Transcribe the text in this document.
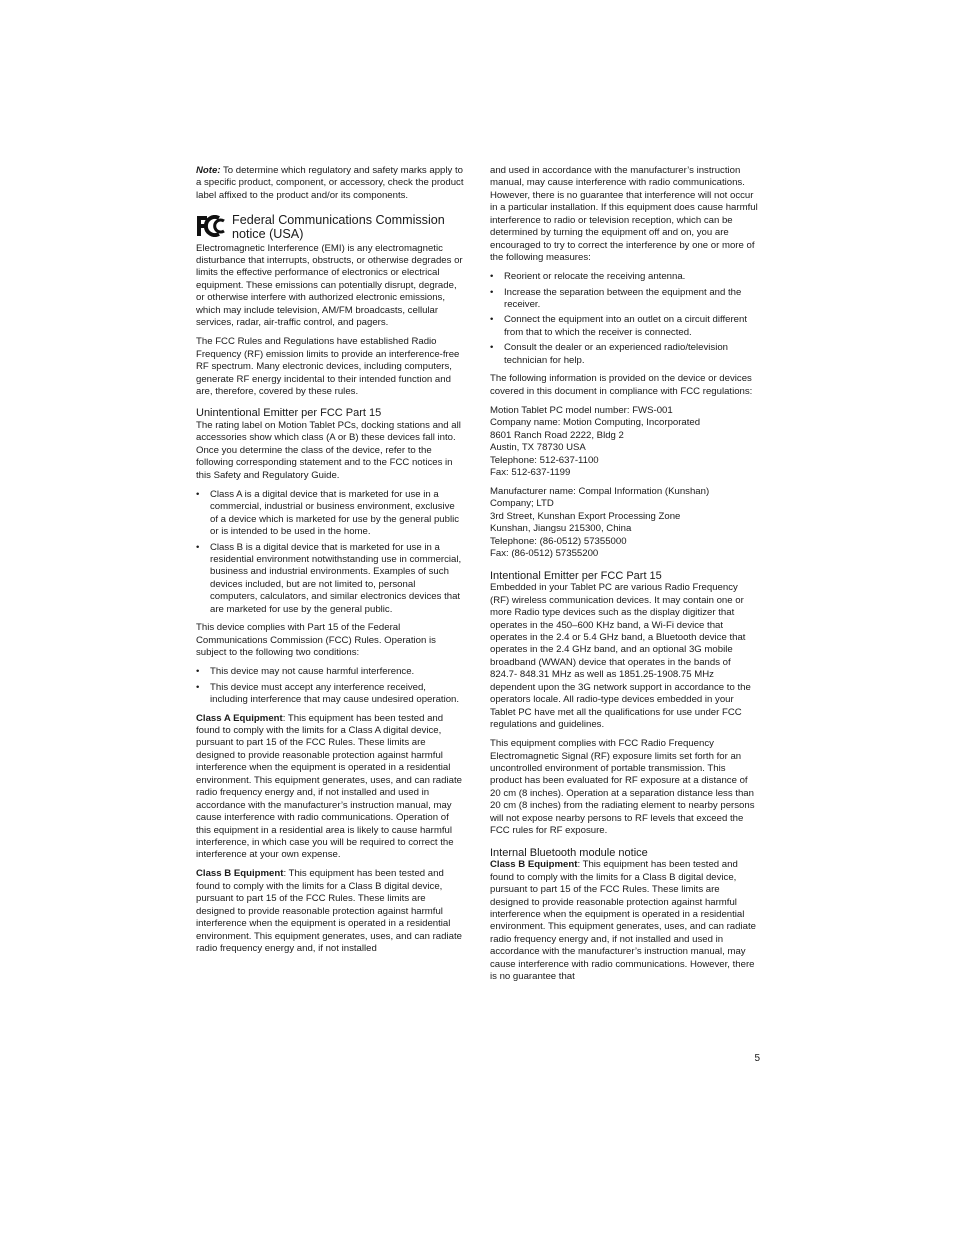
Note: To determine which regulatory and safety marks apply to a specific product, component, or accessory, check the product label affixed to the product and/or its components.

Federal Communications Commission notice (USA)

Electromagnetic Interference (EMI) is any electromagnetic disturbance that interrupts, obstructs, or otherwise degrades or limits the effective performance of electronics or electrical equipment. These emissions can potentially disrupt, degrade, or otherwise interfere with authorized electronic emissions, which may include television, AM/FM broadcasts, cellular services, radar, air-traffic control, and pagers.

The FCC Rules and Regulations have established Radio Frequency (RF) emission limits to provide an interference-free RF spectrum. Many electronic devices, including computers, generate RF energy incidental to their intended function and are, therefore, covered by these rules.

Unintentional Emitter per FCC Part 15

The rating label on Motion Tablet PCs, docking stations and all accessories show which class (A or B) these devices fall into. Once you determine the class of the device, refer to the following corresponding statement and to the FCC notices in this Safety and Regulatory Guide.

• Class A is a digital device that is marketed for use in a commercial, industrial or business environment, exclusive of a device which is marketed for use by the general public or is intended to be used in the home.
• Class B is a digital device that is marketed for use in a residential environment notwithstanding use in commercial, business and industrial environments. Examples of such devices included, but are not limited to, personal computers, calculators, and similar electronics devices that are marketed for use by the general public.

This device complies with Part 15 of the Federal Communications Commission (FCC) Rules. Operation is subject to the following two conditions:

• This device may not cause harmful interference.
• This device must accept any interference received, including interference that may cause undesired operation.

Class A Equipment: This equipment has been tested and found to comply with the limits for a Class A digital device, pursuant to part 15 of the FCC Rules. These limits are designed to provide reasonable protection against harmful interference when the equipment is operated in a residential environment. This equipment generates, uses, and can radiate radio frequency energy and, if not installed and used in accordance with the manufacturer’s instruction manual, may cause interference with radio communications. Operation of this equipment in a residential area is likely to cause harmful interference, in which case you will be required to correct the interference at your own expense.

Class B Equipment: This equipment has been tested and found to comply with the limits for a Class B digital device, pursuant to part 15 of the FCC Rules. These limits are designed to provide reasonable protection against harmful interference when the equipment is operated in a residential environment. This equipment generates, uses, and can radiate radio frequency energy and, if not installed

and used in accordance with the manufacturer’s instruction manual, may cause interference with radio communications. However, there is no guarantee that interference will not occur in a particular installation. If this equipment does cause harmful interference to radio or television reception, which can be determined by turning the equipment off and on, you are encouraged to try to correct the interference by one or more of the following measures:

• Reorient or relocate the receiving antenna.
• Increase the separation between the equipment and the receiver.
• Connect the equipment into an outlet on a circuit different from that to which the receiver is connected.
• Consult the dealer or an experienced radio/television technician for help.

The following information is provided on the device or devices covered in this document in compliance with FCC regulations:

Motion Tablet PC model number: FWS-001
Company name: Motion Computing, Incorporated
8601 Ranch Road 2222, Bldg 2
Austin, TX 78730 USA
Telephone: 512-637-1100
Fax: 512-637-1199
Manufacturer name: Compal Information (Kunshan)
Company; LTD
3rd Street, Kunshan Export Processing Zone
Kunshan, Jiangsu 215300, China
Telephone: (86-0512) 57355000
Fax: (86-0512) 57355200
Intentional Emitter per FCC Part 15

Embedded in your Tablet PC are various Radio Frequency (RF) wireless communication devices. It may contain one or more Radio type devices such as the display digitizer that operates in the 450–600 KHz band, a Wi-Fi device that operates in the 2.4 or 5.4 GHz band, a Bluetooth device that operates in the 2.4 GHz band, and an optional 3G mobile broadband (WWAN) device that operates in the bands of 824.7- 848.31 MHz as well as 1851.25-1908.75 MHz dependent upon the 3G network support in accordance to the operators locale. All radio-type devices embedded in your Tablet PC have met all the qualifications for use under FCC regulations and guidelines.

This equipment complies with FCC Radio Frequency Electromagnetic Signal (RF) exposure limits set forth for an uncontrolled environment of portable transmission. This product has been evaluated for RF exposure at a distance of 20 cm (8 inches). Operation at a separation distance less than 20 cm (8 inches) from the radiating element to nearby persons will not expose nearby persons to RF levels that exceed the FCC rules for RF exposure.

Internal Bluetooth module notice

Class B Equipment: This equipment has been tested and found to comply with the limits for a Class B digital device, pursuant to part 15 of the FCC Rules. These limits are designed to provide reasonable protection against harmful interference when the equipment is operated in a residential environment. This equipment generates, uses, and can radiate radio frequency energy and, if not installed and used in accordance with the manufacturer’s instruction manual, may cause interference with radio communications. However, there is no guarantee that

5
